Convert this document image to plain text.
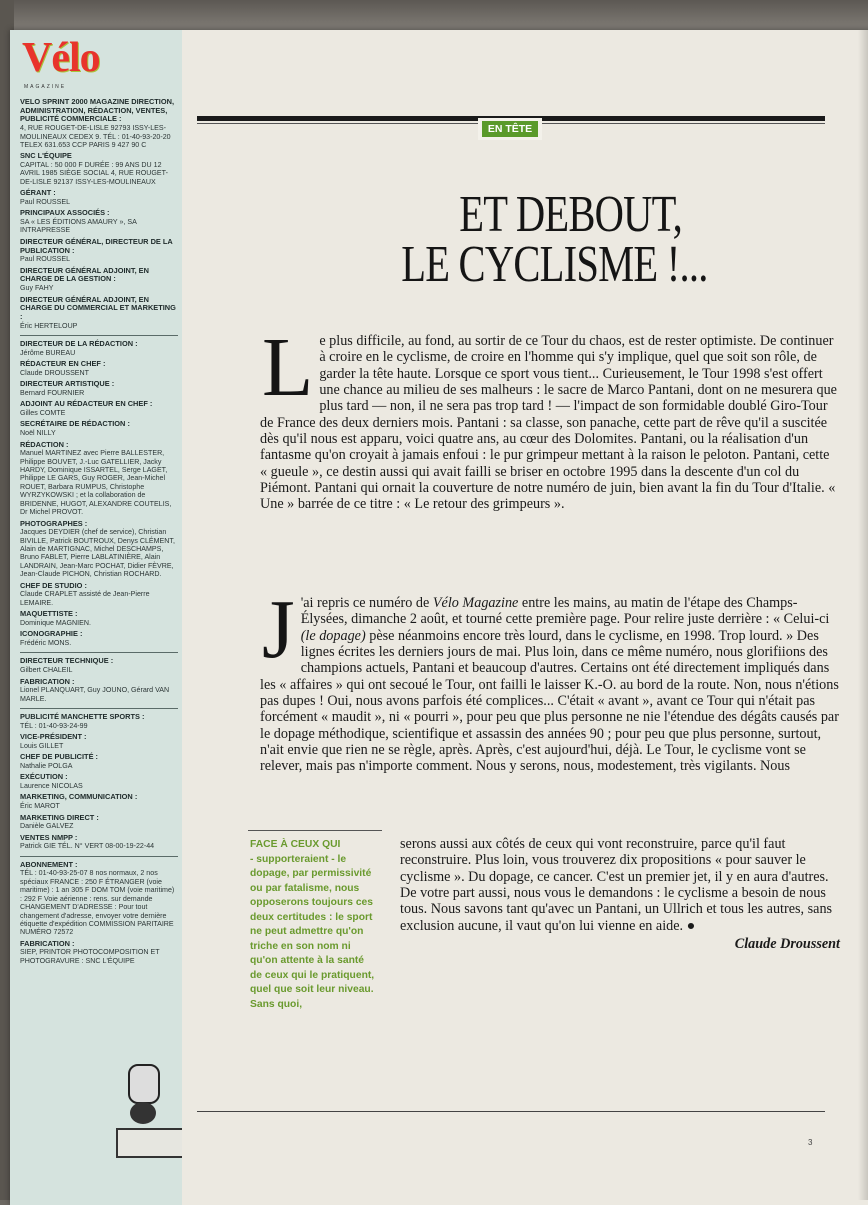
Vélo
MAGAZINE
VELO SPRINT 2000 MAGAZINE DIRECTION, ADMINISTRATION, RÉDACTION, VENTES, PUBLICITÉ COMMERCIALE :
4, RUE ROUGET-DE-LISLE 92793 ISSY-LES-MOULINEAUX CEDEX 9. TÉL : 01-40-93-20-20 TELEX 631.653 CCP PARIS 9 427 90 C
SNC L'ÉQUIPE
CAPITAL : 50 000 F DURÉE : 99 ANS DU 12 AVRIL 1985 SIÈGE SOCIAL 4, RUE ROUGET-DE-LISLE 92137 ISSY-LES-MOULINEAUX
GÉRANT :
Paul ROUSSEL
PRINCIPAUX ASSOCIÉS :
SA « LES ÉDITIONS AMAURY », SA INTRAPRESSE
DIRECTEUR GÉNÉRAL, DIRECTEUR DE LA PUBLICATION :
Paul ROUSSEL
DIRECTEUR GÉNÉRAL ADJOINT, EN CHARGE DE LA GESTION :
Guy FAHY
DIRECTEUR GÉNÉRAL ADJOINT, EN CHARGE DU COMMERCIAL ET MARKETING :
Éric HERTELOUP
DIRECTEUR DE LA RÉDACTION :
Jérôme BUREAU
RÉDACTEUR EN CHEF :
Claude DROUSSENT
DIRECTEUR ARTISTIQUE :
Bernard FOURNIER
ADJOINT AU RÉDACTEUR EN CHEF :
Gilles COMTE
SECRÉTAIRE DE RÉDACTION :
Noël NILLY
RÉDACTION :
Manuel MARTINEZ avec Pierre BALLESTER, Philippe BOUVET, J.-Luc GATELLIER, Jacky HARDY, Dominique ISSARTEL, Serge LAGET, Philippe LE GARS, Guy ROGER, Jean-Michel ROUET, Barbara RUMPUS, Christophe WYRZYKOWSKI ; et la collaboration de BRIDENNE, HUGOT, ALEXANDRE COUTELIS, Dr Michel PROVOT.
PHOTOGRAPHES :
Jacques DEYDIER (chef de service), Christian BIVILLE, Patrick BOUTROUX, Denys CLÉMENT, Alain de MARTIGNAC, Michel DESCHAMPS, Bruno FABLET, Pierre LABLATINIÈRE, Alain LANDRAIN, Jean-Marc POCHAT, Didier FÈVRE, Jean-Claude PICHON, Christian ROCHARD.
CHEF DE STUDIO :
Claude CRAPLET assisté de Jean-Pierre LEMAIRE.
MAQUETTISTE :
Dominique MAGNIEN.
ICONOGRAPHIE :
Frédéric MONS.
DIRECTEUR TECHNIQUE :
Gilbert CHALEIL
FABRICATION :
Lionel PLANQUART, Guy JOUNO, Gérard VAN MARLE.
PUBLICITÉ MANCHETTE SPORTS :
TÉL : 01-40-93-24-99
VICE-PRÉSIDENT :
Louis GILLET
CHEF DE PUBLICITÉ :
Nathalie POLGA
EXÉCUTION :
Laurence NICOLAS
MARKETING, COMMUNICATION :
Éric MAROT
MARKETING DIRECT :
Danièle GALVEZ
VENTES NMPP :
Patrick GIE TÉL. N° VERT 08-00-19-22-44
ABONNEMENT :
TÉL : 01-40-93-25-07 8 nos normaux, 2 nos spéciaux FRANCE : 250 F ÉTRANGER (voie maritime) : 1 an 305 F DOM TOM (voie maritime) : 292 F Voie aérienne : rens. sur demande CHANGEMENT D'ADRESSE : Pour tout changement d'adresse, envoyer votre dernière étiquette d'expédition COMMISSION PARITAIRE NUMÉRO 72572
FABRICATION :
SIEP, PRINTOR PHOTOCOMPOSITION ET PHOTOGRAVURE : SNC L'ÉQUIPE
EN TÊTE
ET DEBOUT,
LE CYCLISME !...
Le plus difficile, au fond, au sortir de ce Tour du chaos, est de rester optimiste. De continuer à croire en le cyclisme, de croire en l'homme qui s'y implique, quel que soit son rôle, de garder la tête haute. Lorsque ce sport vous tient... Curieusement, le Tour 1998 s'est offert une chance au milieu de ses malheurs : le sacre de Marco Pantani, dont on ne mesurera que plus tard — non, il ne sera pas trop tard ! — l'impact de son formidable doublé Giro-Tour de France des deux derniers mois. Pantani : sa classe, son panache, cette part de rêve qu'il a suscitée dès qu'il nous est apparu, voici quatre ans, au cœur des Dolomites. Pantani, ou la réalisation d'un fantasme qu'on croyait à jamais enfoui : le pur grimpeur mettant à la raison le peloton. Pantani, cette « gueule », ce destin aussi qui avait failli se briser en octobre 1995 dans la descente d'un col du Piémont. Pantani qui ornait la couverture de notre numéro de juin, bien avant la fin du Tour d'Italie. « Une » barrée de ce titre : « Le retour des grimpeurs ».
J 'ai repris ce numéro de Vélo Magazine entre les mains, au matin de l'étape des Champs-Élysées, dimanche 2 août, et tourné cette première page. Pour relire juste derrière : « Celui-ci (le dopage) pèse néanmoins encore très lourd, dans le cyclisme, en 1998. Trop lourd. » Des lignes écrites les derniers jours de mai. Plus loin, dans ce même numéro, nous glorifiions des champions actuels, Pantani et beaucoup d'autres. Certains ont été directement impliqués dans les « affaires » qui ont secoué le Tour, ont failli le laisser K.-O. au bord de la route. Non, nous n'étions pas dupes ! Oui, nous avons parfois été complices... C'était « avant », avant ce Tour qui n'était pas forcément « maudit », ni « pourri », pour peu que plus personne ne nie l'étendue des dégâts causés par le dopage méthodique, scientifique et assassin des années 90 ; pour peu que plus personne, surtout, n'ait envie que rien ne se règle, après. Après, c'est aujourd'hui, déjà. Le Tour, le cyclisme vont se relever, mais pas n'importe comment. Nous y serons, nous, modestement, très vigilants. Nous
FACE À CEUX QUI
- supporteraient - le dopage, par permissivité ou par fatalisme, nous opposerons toujours ces deux certitudes : le sport ne peut admettre qu'on triche en son nom ni qu'on attente à la santé de ceux qui le pratiquent, quel que soit leur niveau. Sans quoi,
serons aussi aux côtés de ceux qui vont reconstruire, parce qu'il faut reconstruire. Plus loin, vous trouverez dix propositions « pour sauver le cyclisme ». Du dopage, ce cancer. C'est un premier jet, il y en aura d'autres. De votre part aussi, nous vous le demandons : le cyclisme a besoin de nous tous. Nous savons tant qu'avec un Pantani, un Ullrich et tous les autres, sans exclusion aucune, il vaut qu'on lui vienne en aide. ●
Claude Droussent
3
